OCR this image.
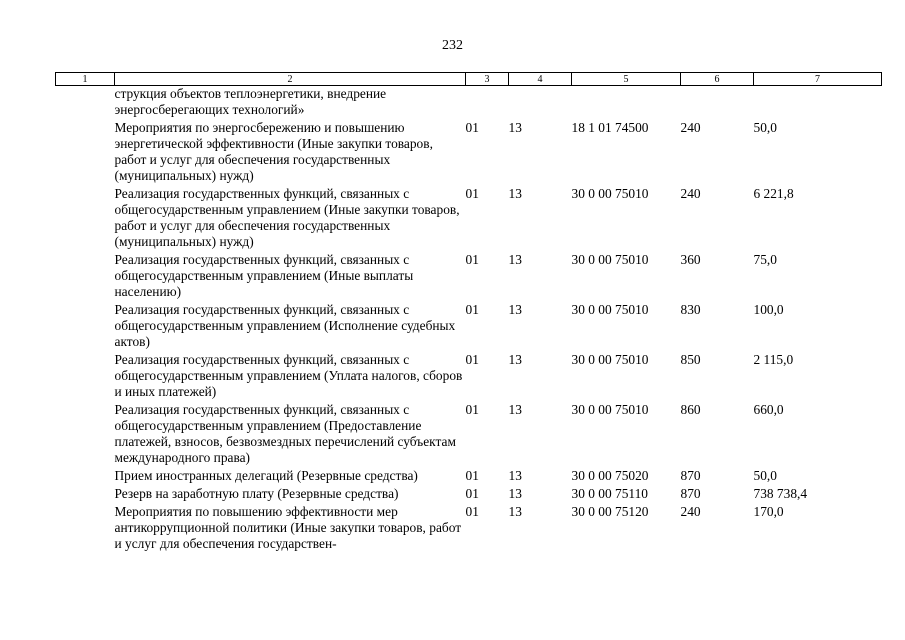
232
1	2	3	4	5	6	7
	струкция объектов теплоэнергетики, внедрение энергосберегающих технологий»					
	Мероприятия по энергосбережению и повышению энергетической эффективности (Иные закупки товаров, работ и услуг для обеспечения государственных (муниципальных) нужд)	01	13	18 1 01 74500	240	50,0
	Реализация государственных функций, связанных с общегосударственным управлением (Иные закупки товаров, работ и услуг для обеспечения государственных (муниципальных) нужд)	01	13	30 0 00 75010	240	6 221,8
	Реализация государственных функций, связанных с общегосударственным управлением (Иные выплаты населению)	01	13	30 0 00 75010	360	75,0
	Реализация государственных функций, связанных с общегосударственным управлением (Исполнение судебных актов)	01	13	30 0 00 75010	830	100,0
	Реализация государственных функций, связанных с общегосударственным управлением (Уплата налогов, сборов и иных платежей)	01	13	30 0 00 75010	850	2 115,0
	Реализация государственных функций, связанных с общегосударственным управлением (Предоставление платежей, взносов, безвозмездных перечислений субъектам международного права)	01	13	30 0 00 75010	860	660,0
	Прием иностранных делегаций (Резервные средства)	01	13	30 0 00 75020	870	50,0
	Резерв на заработную плату (Резервные средства)	01	13	30 0 00 75110	870	738 738,4
	Мероприятия по повышению эффективности мер антикоррупционной политики (Иные закупки товаров, работ и услуг для обеспечения государствен-	01	13	30 0 00 75120	240	170,0
